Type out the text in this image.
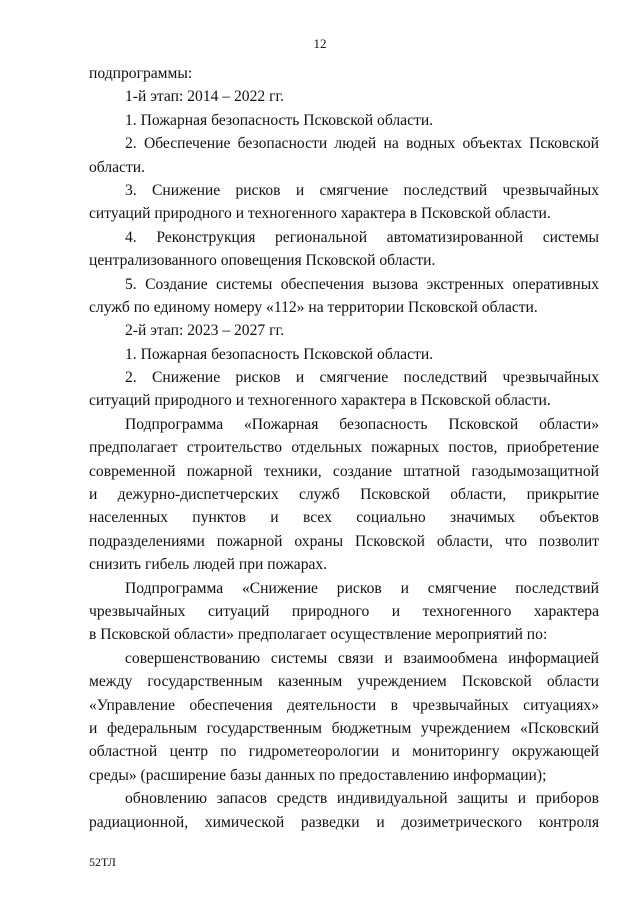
12
подпрограммы:
1-й этап: 2014 – 2022 гг.
1. Пожарная безопасность Псковской области.
2. Обеспечение безопасности людей на водных объектах Псковской
области.
3. Снижение рисков и смягчение последствий чрезвычайных
ситуаций природного и техногенного характера в Псковской области.
4. Реконструкция региональной автоматизированной системы
централизованного оповещения Псковской области.
5. Создание системы обеспечения вызова экстренных оперативных
служб по единому номеру «112» на территории Псковской области.
2-й этап: 2023 – 2027 гг.
1. Пожарная безопасность Псковской области.
2. Снижение рисков и смягчение последствий чрезвычайных
ситуаций природного и техногенного характера в Псковской области.
Подпрограмма «Пожарная безопасность Псковской области»
предполагает строительство отдельных пожарных постов, приобретение
современной пожарной техники, создание штатной газодымозащитной
и дежурно-диспетчерских служб Псковской области, прикрытие
населенных пунктов и всех социально значимых объектов
подразделениями пожарной охраны Псковской области, что позволит
снизить гибель людей при пожарах.
Подпрограмма «Снижение рисков и смягчение последствий
чрезвычайных ситуаций природного и техногенного характера
в Псковской области» предполагает осуществление мероприятий по:
совершенствованию системы связи и взаимообмена информацией
между государственным казенным учреждением Псковской области
«Управление обеспечения деятельности в чрезвычайных ситуациях»
и федеральным государственным бюджетным учреждением «Псковский
областной центр по гидрометеорологии и мониторингу окружающей
среды» (расширение базы данных по предоставлению информации);
обновлению запасов средств индивидуальной защиты и приборов
радиационной, химической разведки и дозиметрического контроля
52ТЛ
